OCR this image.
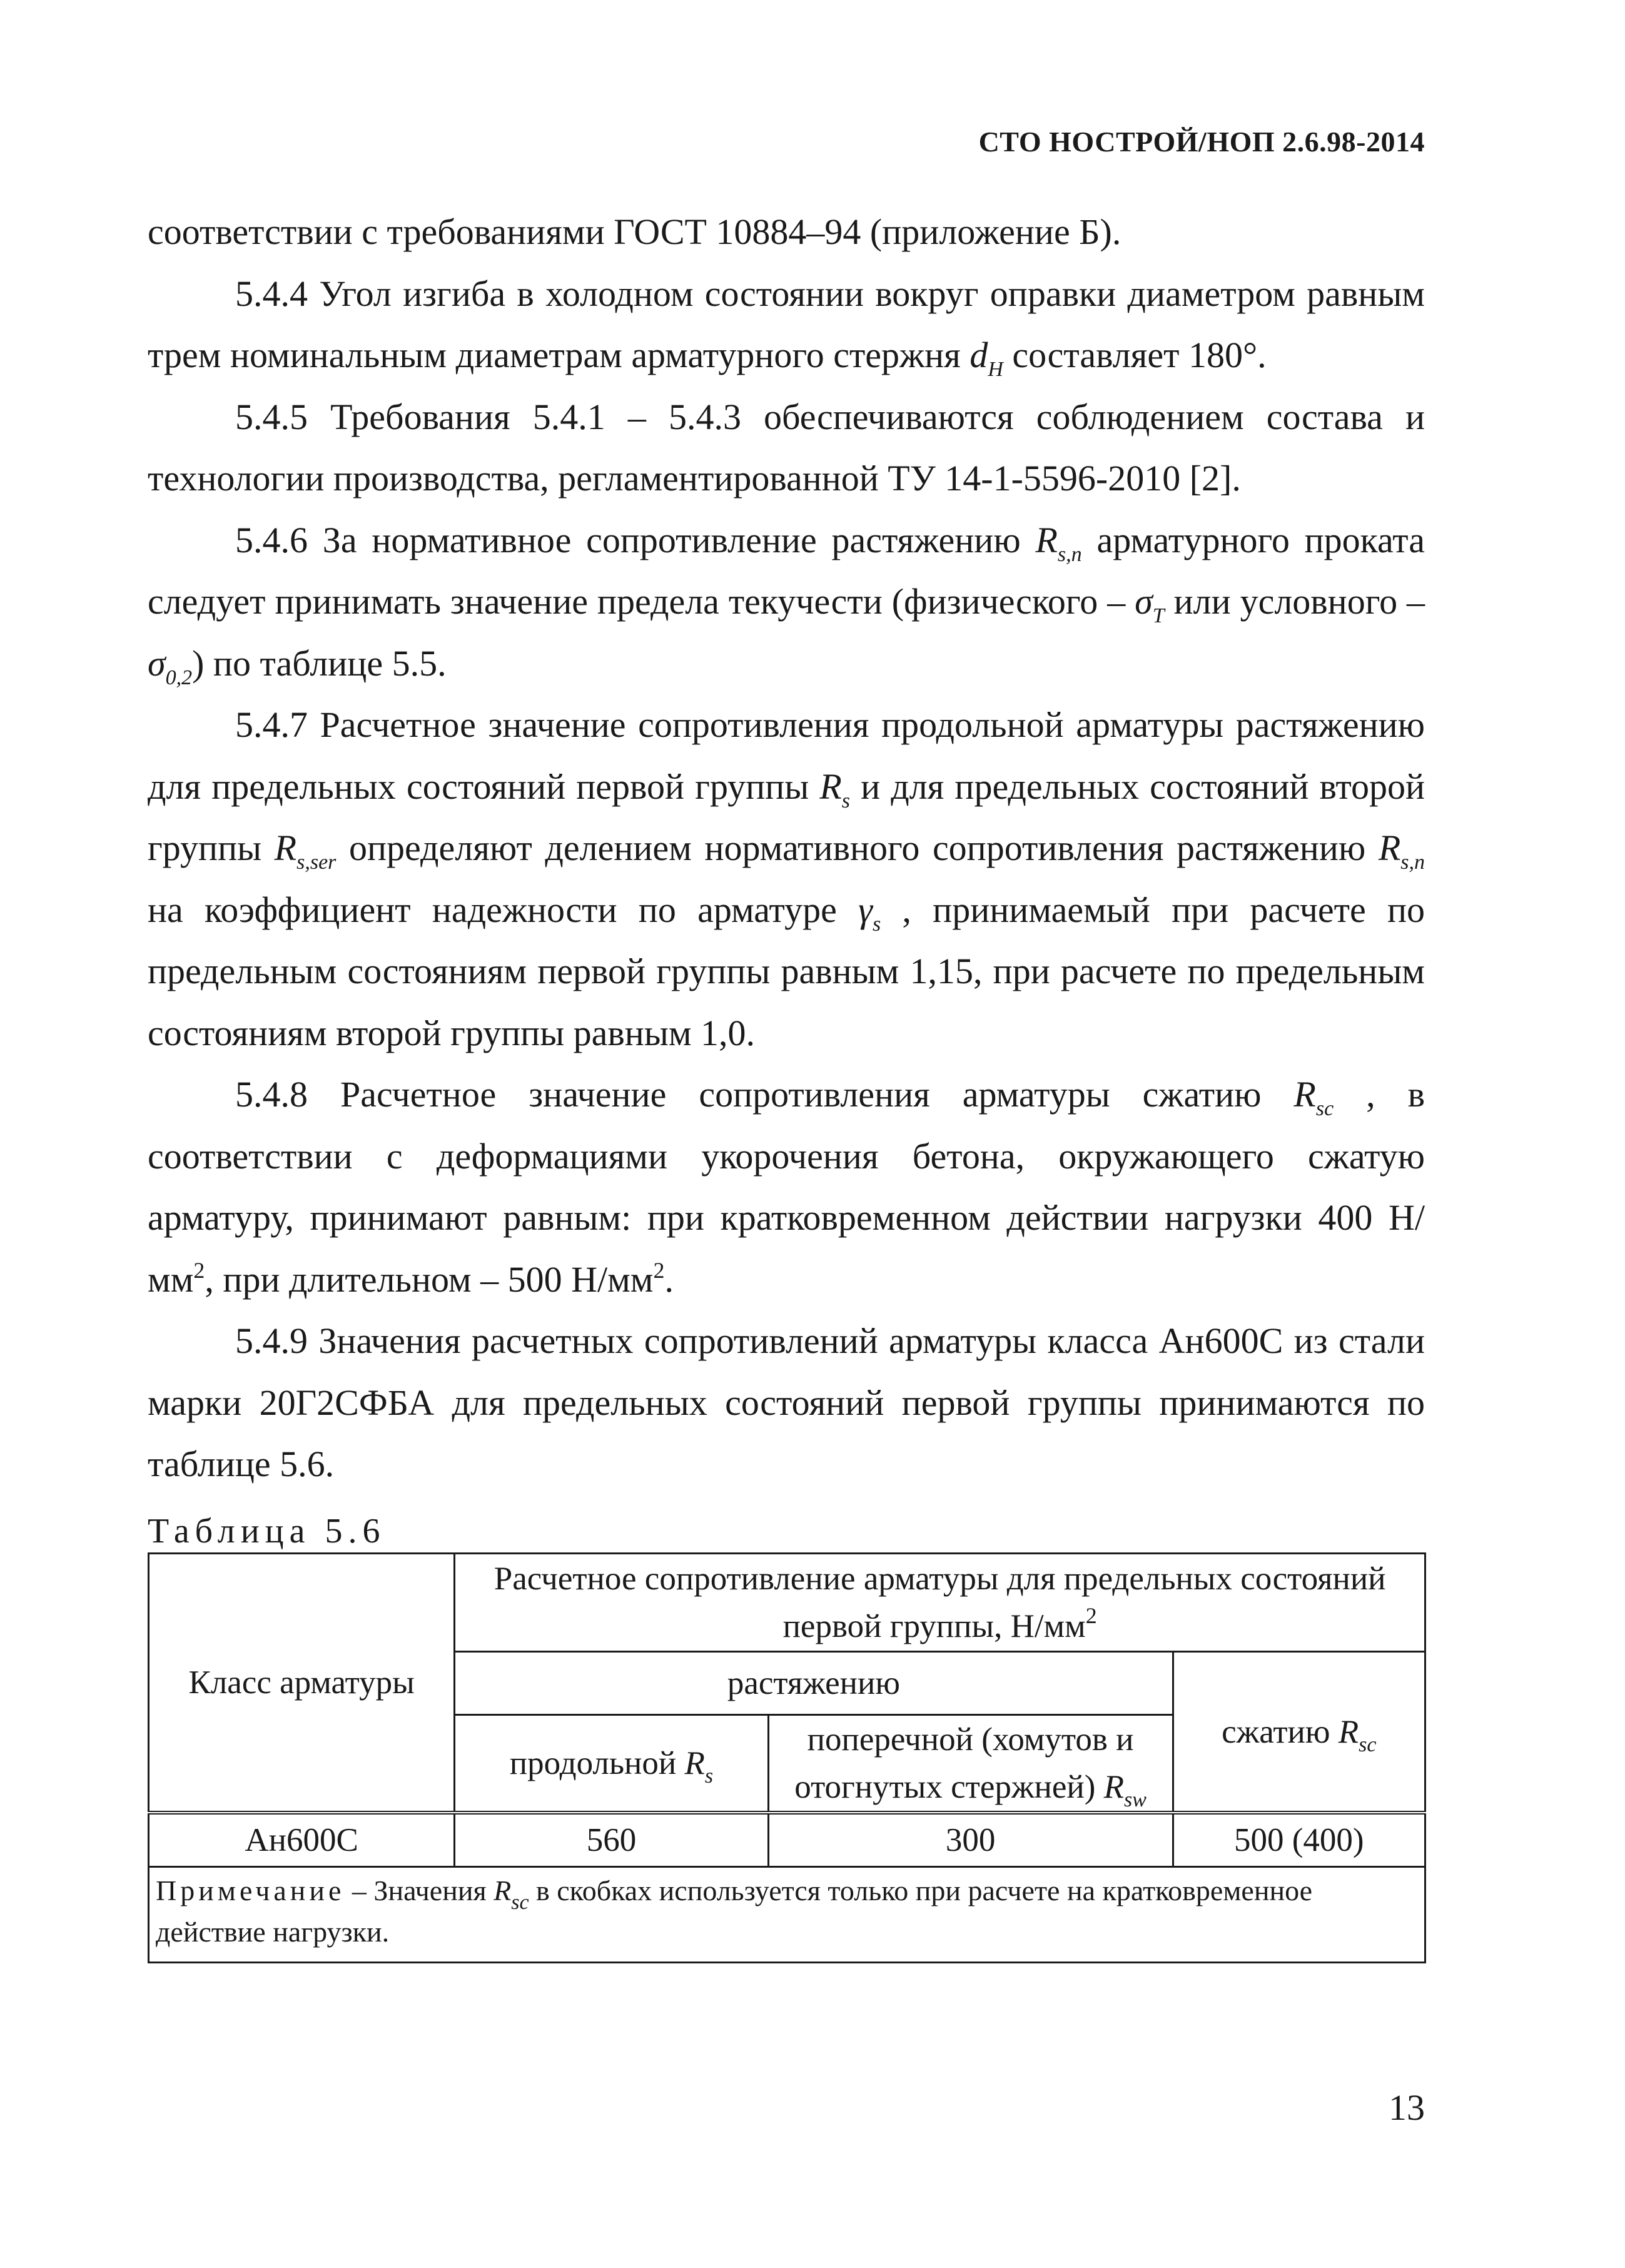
СТО НОСТРОЙ/НОП 2.6.98-2014

соответствии с требованиями ГОСТ 10884–94 (приложение Б).

5.4.4 Угол изгиба в холодном состоянии вокруг оправки диаметром равным трем номинальным диаметрам арматурного стержня $d_H$ составляет 180°.

5.4.5 Требования 5.4.1 – 5.4.3 обеспечиваются соблюдением состава и технологии производства, регламентированной ТУ 14-1-5596-2010 [2].

5.4.6 За нормативное сопротивление растяжению $R_{s,n}$ арматурного проката следует принимать значение предела текучести (физического – $\sigma_T$ или условного – $\sigma_{0,2}$) по таблице 5.5.

5.4.7 Расчетное значение сопротивления продольной арматуры растяжению для предельных состояний первой группы $R_s$ и для предельных состояний второй группы $R_{s,ser}$ определяют делением нормативного сопротивления растяжению $R_{s,n}$ на коэффициент надежности по арматуре $\gamma_s$ , принимаемый при расчете по предельным состояниям первой группы равным 1,15, при расчете по предельным состояниям второй группы равным 1,0.

5.4.8 Расчетное значение сопротивления арматуры сжатию $R_{sc}$ , в соответствии с деформациями укорочения бетона, окружающего сжатую арматуру, принимают равным: при кратковременном действии нагрузки 400 $Н/мм^2$, при длительном – 500 $Н/мм^2$.

5.4.9 Значения расчетных сопротивлений арматуры класса Ан600С из стали марки 20Г2СФБА для предельных состояний первой группы принимаются по таблице 5.6.

Таблица 5.6
Класс арматуры	Расчетное сопротивление арматуры для предельных состояний первой группы, $Н/мм^2$
	растяжению		сжатию $R_{sc}$
	продольной $R_s$	поперечной (хомутов и отогнутых стержней) $R_{sw}$
Ан600С	560	300	500 (400)
Примечание – Значения $R_{sc}$ в скобках используется только при расчете на кратковременное действие нагрузки.			
13
